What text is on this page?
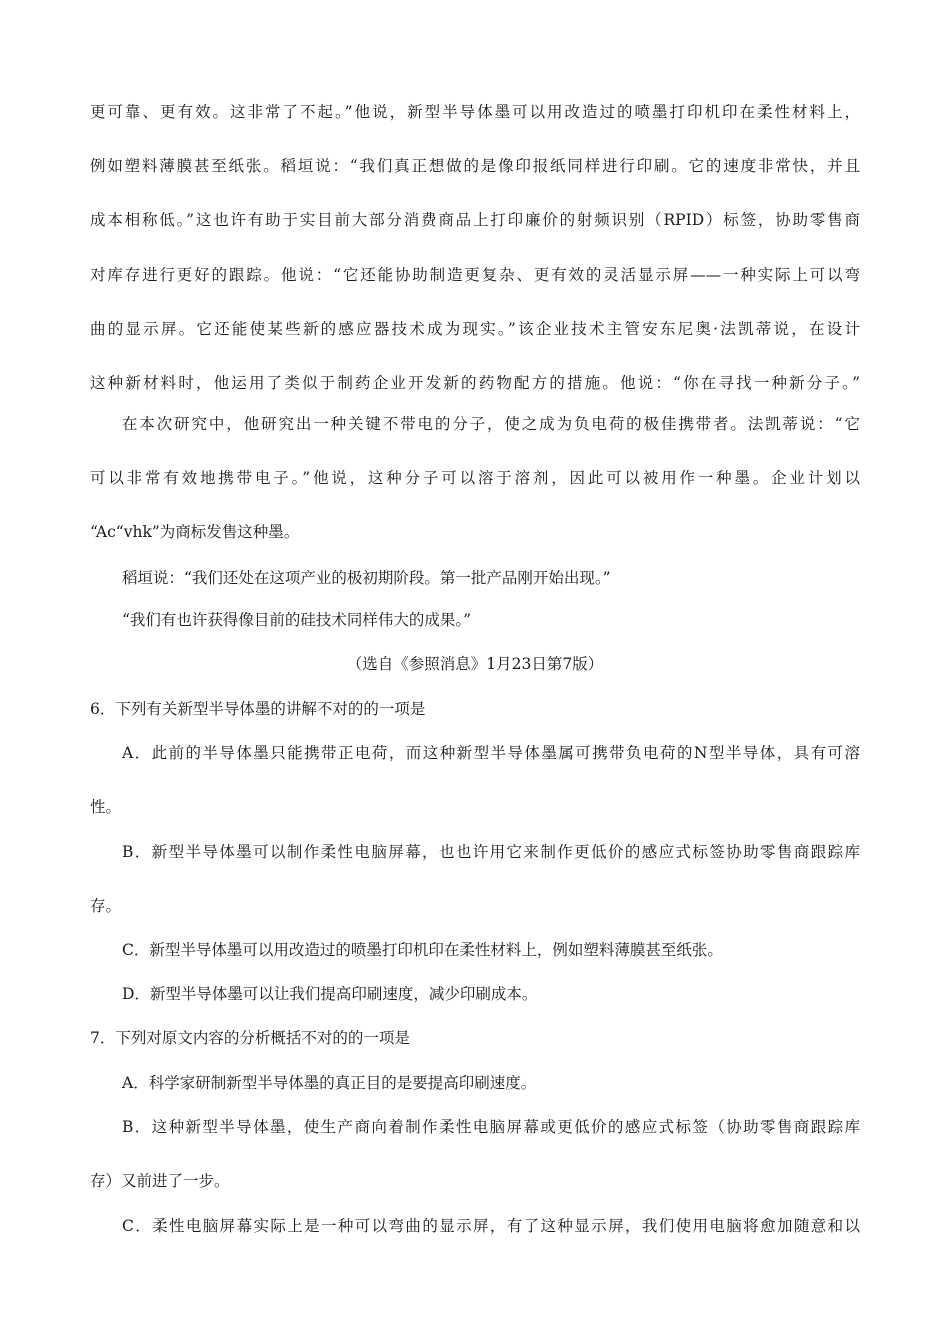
更可靠、更有效。这非常了不起。”他说，新型半导体墨可以用改造过的喷墨打印机印在柔性材料上，
例如塑料薄膜甚至纸张。稻垣说：“我们真正想做的是像印报纸同样进行印刷。它的速度非常快，并且
成本相称低。”这也许有助于实目前大部分消费商品上打印廉价的射频识别（RPID）标签，协助零售商
对库存进行更好的跟踪。他说：“它还能协助制造更复杂、更有效的灵活显示屏——一种实际上可以弯
曲的显示屏。它还能使某些新的感应器技术成为现实。”该企业技术主管安东尼奥·法凯蒂说，在设计
这种新材料时，他运用了类似于制药企业开发新的药物配方的措施。他说：“你在寻找一种新分子。”
在本次研究中，他研究出一种关键不带电的分子，使之成为负电荷的极佳携带者。法凯蒂说：“它
可以非常有效地携带电子。”他说，这种分子可以溶于溶剂，因此可以被用作一种墨。企业计划以
“Ac“vhk”为商标发售这种墨。
稻垣说：“我们还处在这项产业的极初期阶段。第一批产品刚开始出现。”
“我们有也许获得像目前的硅技术同样伟大的成果。”
（选自《参照消息》1月23日第7版）
6．下列有关新型半导体墨的讲解不对的的一项是
A．此前的半导体墨只能携带正电荷，而这种新型半导体墨属可携带负电荷的N型半导体，具有可溶
性。
B．新型半导体墨可以制作柔性电脑屏幕，也也许用它来制作更低价的感应式标签协助零售商跟踪库
存。
C．新型半导体墨可以用改造过的喷墨打印机印在柔性材料上，例如塑料薄膜甚至纸张。
D．新型半导体墨可以让我们提高印刷速度，减少印刷成本。
7．下列对原文内容的分析概括不对的的一项是
A．科学家研制新型半导体墨的真正目的是要提高印刷速度。
B．这种新型半导体墨，使生产商向着制作柔性电脑屏幕或更低价的感应式标签（协助零售商跟踪库
存）又前进了一步。
C．柔性电脑屏幕实际上是一种可以弯曲的显示屏，有了这种显示屏，我们使用电脑将愈加随意和以
